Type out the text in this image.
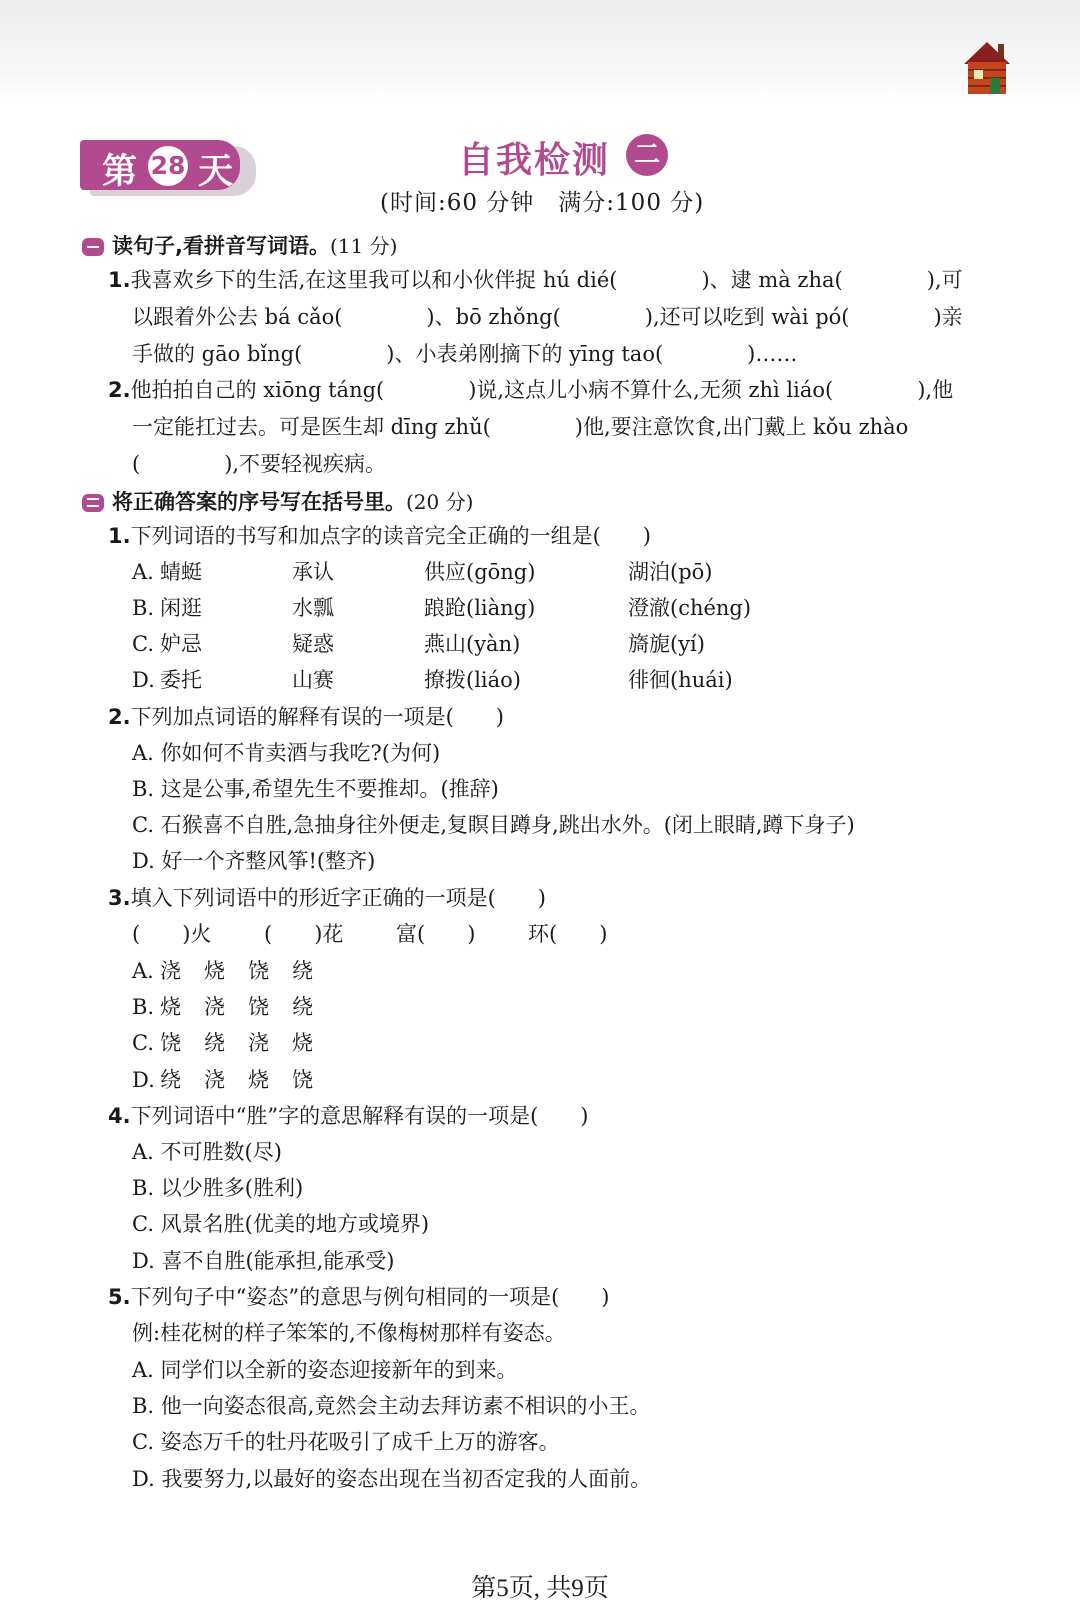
第 28 天	自我检测 二
(时间:60 分钟　满分:100 分)
读句子,看拼音写词语。(11 分)
1.我喜欢乡下的生活,在这里我可以和小伙伴捉 hú dié(　　　　)、逮 mà zha(　　　　),可
以跟着外公去 bá cǎo(　　　　)、bō zhǒng(　　　　),还可以吃到 wài pó(　　　　)亲
手做的 gāo bǐng(　　　　)、小表弟刚摘下的 yīng tao(　　　　)……
2.他拍拍自己的 xiōng táng(　　　　)说,这点儿小病不算什么,无须 zhì liáo(　　　　),他
一定能扛过去。可是医生却 dīng zhǔ(　　　　)他,要注意饮食,出门戴上 kǒu zhào
(　　　　),不要轻视疾病。
将正确答案的序号写在括号里。(20 分)
1.下列词语的书写和加点字的读音完全正确的一组是(　　)
A. 蜻蜓	承认	供应(gōng)	湖泊(pō)
B. 闲逛	水瓢	踉跄(liàng)	澄澈(chéng)
C. 妒忌	疑惑	燕山(yàn)	旖旎(yí)
D. 委托	山赛	撩拨(liáo)	徘徊(huái)
2.下列加点词语的解释有误的一项是(　　)
A. 你如何不肯卖酒与我吃?(为何)
B. 这是公事,希望先生不要推却。(推辞)
C. 石猴喜不自胜,急抽身往外便走,复瞑目蹲身,跳出水外。(闭上眼睛,蹲下身子)
D. 好一个齐整风筝!(整齐)
3.填入下列词语中的形近字正确的一项是(　　)
(　　)火	(　　)花	富(　　)	环(　　)
A. 浇 烧 饶 绕
B. 烧 浇 饶 绕
C. 饶 绕 浇 烧
D. 绕 浇 烧 饶
4.下列词语中“胜”字的意思解释有误的一项是(　　)
A. 不可胜数(尽)
B. 以少胜多(胜利)
C. 风景名胜(优美的地方或境界)
D. 喜不自胜(能承担,能承受)
5.下列句子中“姿态”的意思与例句相同的一项是(　　)
例:桂花树的样子笨笨的,不像梅树那样有姿态。
A. 同学们以全新的姿态迎接新年的到来。
B. 他一向姿态很高,竟然会主动去拜访素不相识的小王。
C. 姿态万千的牡丹花吸引了成千上万的游客。
D. 我要努力,以最好的姿态出现在当初否定我的人面前。
第5页, 共9页
